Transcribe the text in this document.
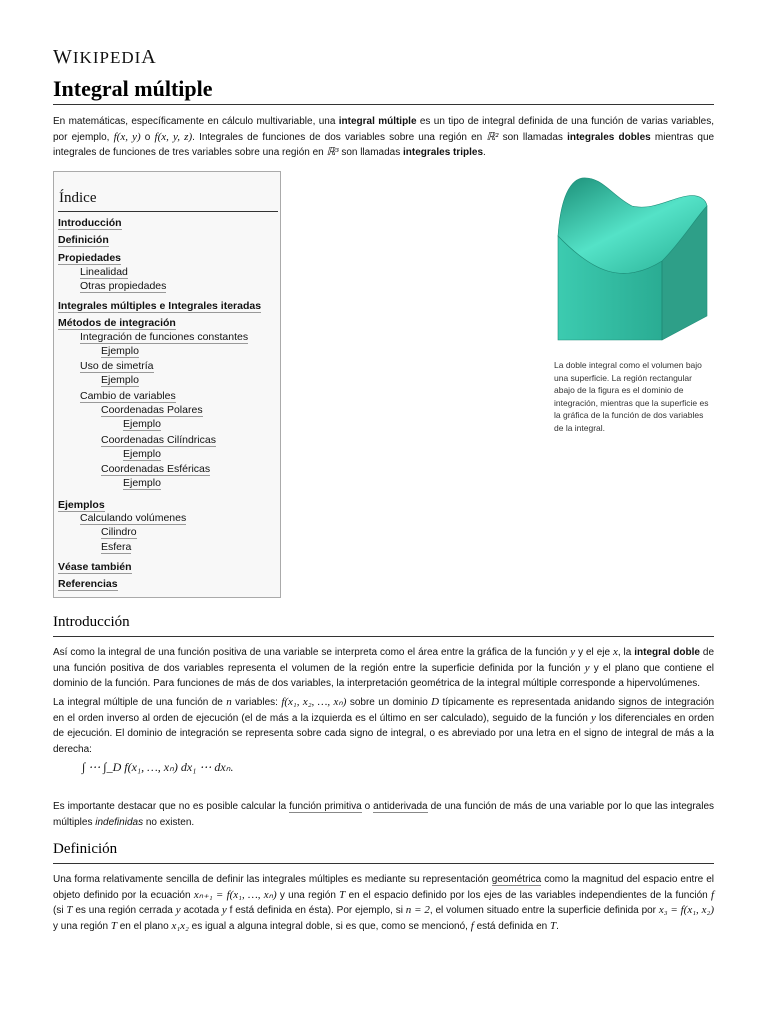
WIKIPEDIA
Integral múltiple
En matemáticas, específicamente en cálculo multivariable, una integral múltiple es un tipo de integral definida de una función de varias variables, por ejemplo, f(x, y) o f(x, y, z). Integrales de funciones de dos variables sobre una región en ℝ² son llamadas integrales dobles mientras que integrales de funciones de tres variables sobre una región en ℝ³ son llamadas integrales triples.
Índice
Introducción
Definición
Propiedades
Linealidad
Otras propiedades
Integrales múltiples e Integrales iteradas
Métodos de integración
Integración de funciones constantes
Ejemplo
Uso de simetría
Ejemplo
Cambio de variables
Coordenadas Polares
Ejemplo
Coordenadas Cilíndricas
Ejemplo
Coordenadas Esféricas
Ejemplo
Ejemplos
Calculando volúmenes
Cilindro
Esfera
Véase también
Referencias
La doble integral como el volumen bajo una superficie. La región rectangular abajo de la figura es el dominio de integración, mientras que la superficie es la gráfica de la función de dos variables de la integral.
Introducción
Así como la integral de una función positiva de una variable se interpreta como el área entre la gráfica de la función y y el eje x, la integral doble de una función positiva de dos variables representa el volumen de la región entre la superficie definida por la función y y el plano que contiene el dominio de la función. Para funciones de más de dos variables, la interpretación geométrica de la integral múltiple corresponde a hipervolúmenes.
La integral múltiple de una función de n variables: f(x₁, x₂, …, xₙ) sobre un dominio D típicamente es representada anidando signos de integración en el orden inverso al orden de ejecución (el de más a la izquierda es el último en ser calculado), seguido de la función y los diferenciales en orden de ejecución. El dominio de integración se representa sobre cada signo de integral, o es abreviado por una letra en el signo de integral de más a la derecha:
∫ ⋯ ∫_D f(x₁, …, xₙ) dx₁ ⋯ dxₙ.
Es importante destacar que no es posible calcular la función primitiva o antiderivada de una función de más de una variable por lo que las integrales múltiples indefinidas no existen.
Definición
Una forma relativamente sencilla de definir las integrales múltiples es mediante su representación geométrica como la magnitud del espacio entre el objeto definido por la ecuación xₙ₊₁ = f(x₁, …, xₙ) y una región T en el espacio definido por los ejes de las variables independientes de la función f (si T es una región cerrada y acotada y f está definida en ésta). Por ejemplo, si n = 2, el volumen situado entre la superficie definida por x₃ = f(x₁, x₂) y una región T en el plano x₁x₂ es igual a alguna integral doble, si es que, como se mencionó, f está definida en T.
